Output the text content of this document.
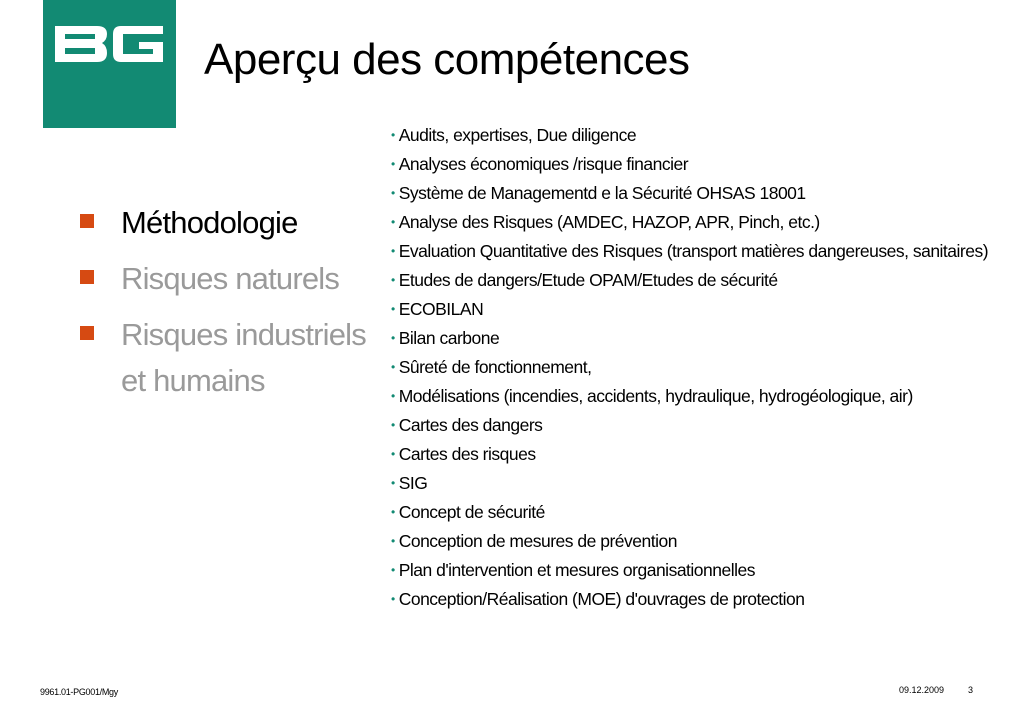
Aperçu des compétences
Méthodologie
Risques naturels
Risques industriels et humains
• Audits, expertises, Due diligence
• Analyses économiques /risque financier
• Système de Managementd e la Sécurité OHSAS 18001
• Analyse des Risques (AMDEC, HAZOP, APR, Pinch, etc.)
• Evaluation Quantitative des Risques (transport matières dangereuses, sanitaires)
• Etudes de dangers/Etude OPAM/Etudes de sécurité
• ECOBILAN
• Bilan carbone
• Sûreté de fonctionnement,
• Modélisations (incendies, accidents, hydraulique, hydrogéologique, air)
• Cartes des dangers
• Cartes des risques
• SIG
• Concept de sécurité
• Conception de mesures de prévention
• Plan d'intervention et mesures organisationnelles
• Conception/Réalisation (MOE) d'ouvrages de protection
9961.01-PG001/Mgy	09.12.2009	3
